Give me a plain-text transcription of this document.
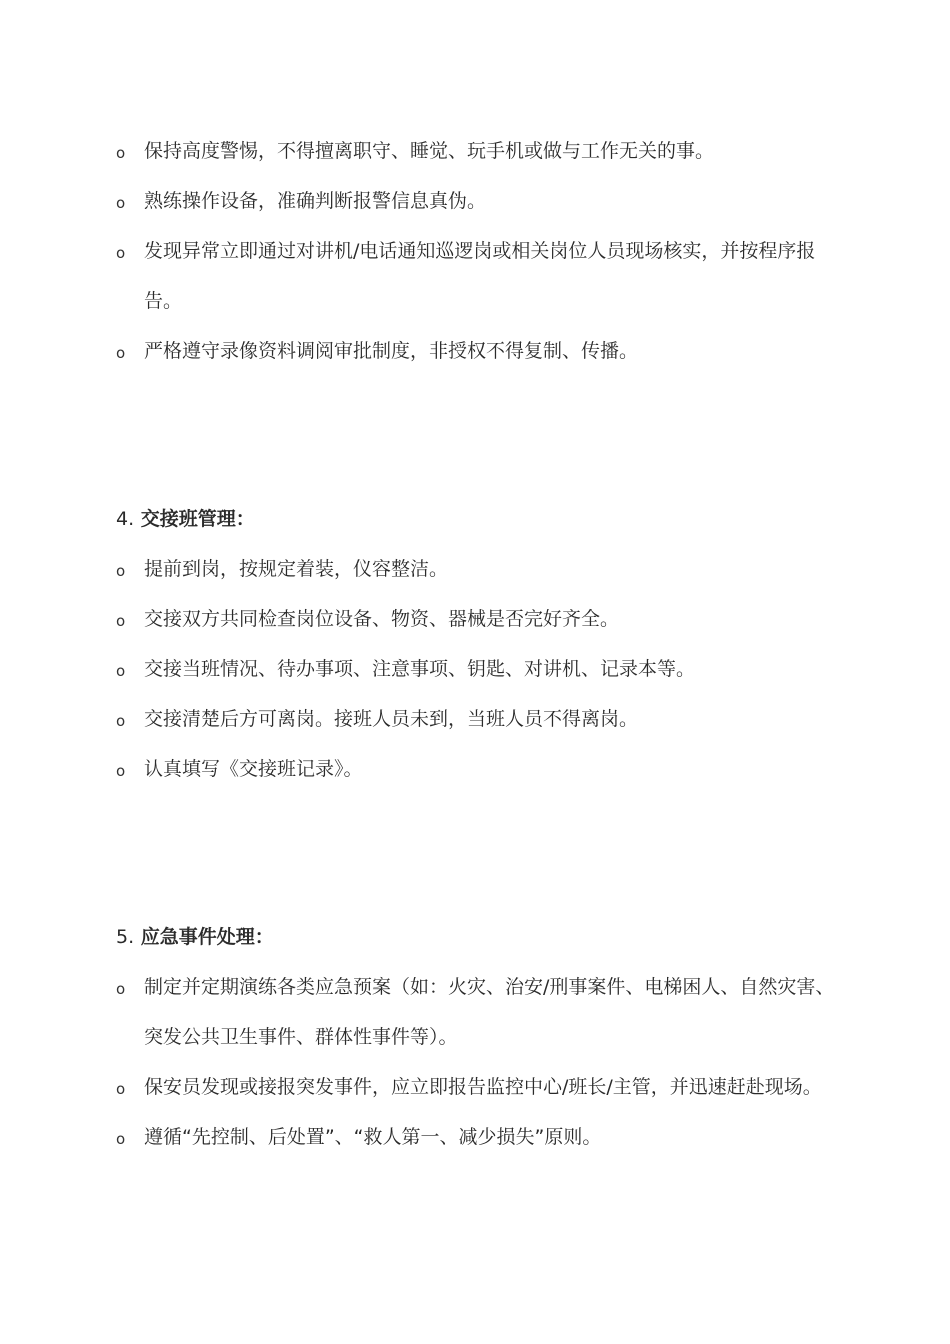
o 保持高度警惕，不得擅离职守、睡觉、玩手机或做与工作无关的事。
o 熟练操作设备，准确判断报警信息真伪。
o 发现异常立即通过对讲机/电话通知巡逻岗或相关岗位人员现场核实，并按程序报告。
o 严格遵守录像资料调阅审批制度，非授权不得复制、传播。
4. 交接班管理：
o 提前到岗，按规定着装，仪容整洁。
o 交接双方共同检查岗位设备、物资、器械是否完好齐全。
o 交接当班情况、待办事项、注意事项、钥匙、对讲机、记录本等。
o 交接清楚后方可离岗。接班人员未到，当班人员不得离岗。
o 认真填写《交接班记录》。
5. 应急事件处理：
o 制定并定期演练各类应急预案（如：火灾、治安/刑事案件、电梯困人、自然灾害、突发公共卫生事件、群体性事件等）。
o 保安员发现或接报突发事件，应立即报告监控中心/班长/主管，并迅速赶赴现场。
o 遵循“先控制、后处置”、“救人第一、减少损失”原则。
